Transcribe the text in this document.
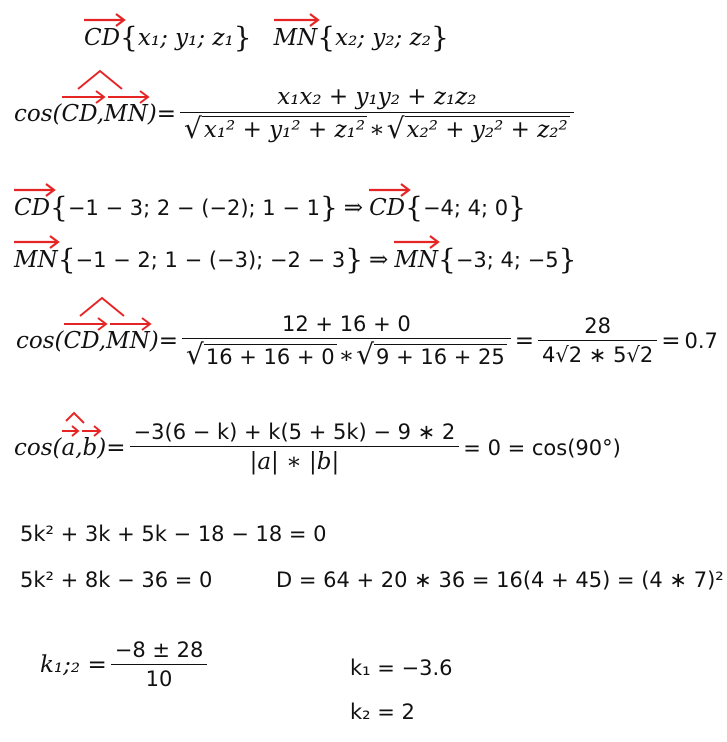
CD { x₁; y₁; z₁ } MN { x₂; y₂; z₂ }
cos ( CD,MN ) = $\frac{\text{x₁x₂ + y₁y₂ + z₁z₂}}{\text{√ x₁² + y₁² + z₁² ∗ √ x₂² + y₂² + z₂²}}$
CD { −1 − 3; 2 − (−2); 1 − 1 } ⇒ CD { −4; 4; 0 }
MN { −1 − 2; 1 − (−3); −2 − 3 } ⇒ MN { −3; 4; −5 }
cos ( CD,MN ) = $\frac{12 + 16 + 0}{√ 16 + 16 + 0 ∗ √ 9 + 16 + 25} = \frac{28}{4√2 ∗ 5√2} = 0.7$
cos ( a,b ) = $\frac{-3(6 - k) + k(5 + 5k) - 9 ∗ 2}{|a| ∗ |b|} = 0 = \cos(90^\circ)$
5k² + 3k + 5k − 18 − 18 = 0
5k² + 8k − 36 = 0	D = 64 + 20 ∗ 36 = 16(4 + 45) = (4 ∗ 7)²
k₁;₂ = $\frac{-8 \pm 28}{10}$	k₁ = −3.6
k₂ = 2
